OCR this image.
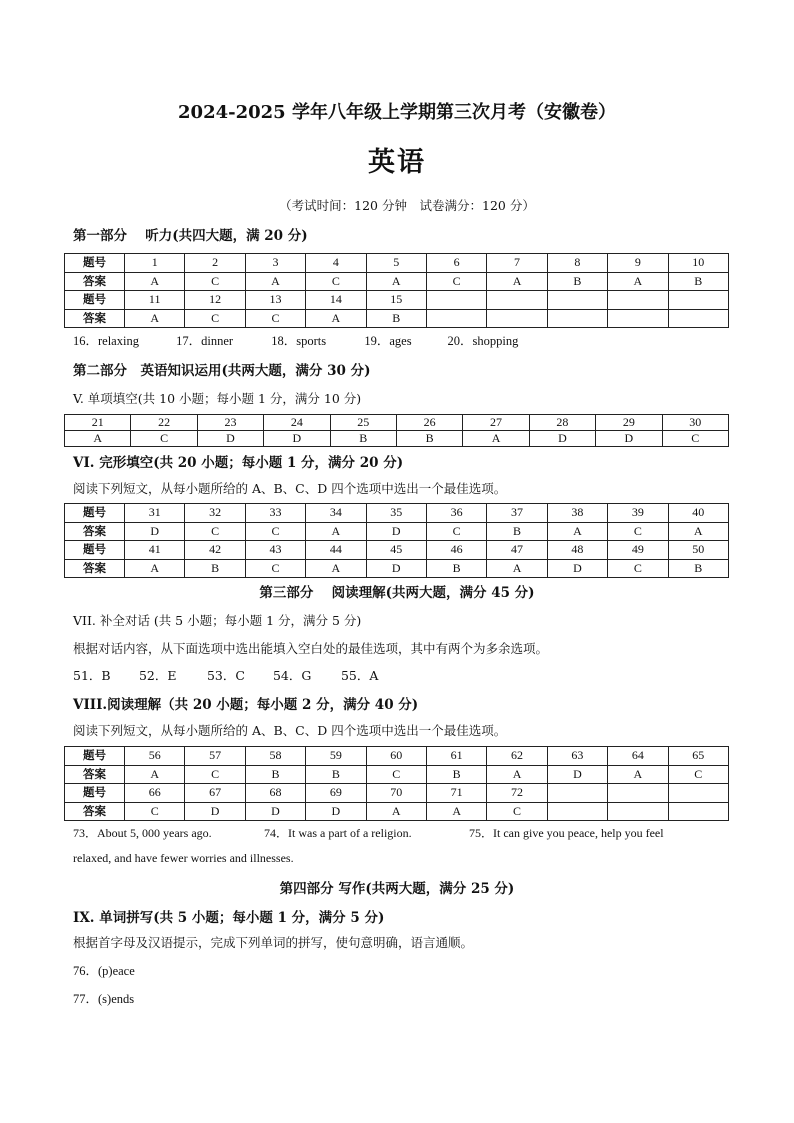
2024-2025 学年八年级上学期第三次月考（安徽卷）
英语
（考试时间：120 分钟　试卷满分：120 分）
第一部分　 听力(共四大题，满 20 分)
题号	1	2	3	4	5	6	7	8	9	10
答案	A	C	A	C	A	C	A	B	A	B
题号	11	12	13	14	15					
答案	A	C	C	A	B					
16．relaxing	17．dinner	18．sports	19．ages	20．shopping
第二部分　英语知识运用(共两大题，满分 30 分)
V. 单项填空(共 10 小题；每小题 1 分，满分 10 分)
21	22	23	24	25	26	27	28	29	30
A	C	D	D	B	B	A	D	D	C
VI. 完形填空(共 20 小题；每小题 1 分，满分 20 分)
阅读下列短文，从每小题所给的 A、B、C、D 四个选项中选出一个最佳选项。
题号	31	32	33	34	35	36	37	38	39	40
答案	D	C	C	A	D	C	B	A	C	A
题号	41	42	43	44	45	46	47	48	49	50
答案	A	B	C	A	D	B	A	D	C	B
第三部分　 阅读理解(共两大题，满分 45 分)
VII. 补全对话 (共 5 小题；每小题 1 分，满分 5 分)
根据对话内容，从下面选项中选出能填入空白处的最佳选项，其中有两个为多余选项。
51．B 52．E 53．C 54．G 55．A
VIII.阅读理解（共 20 小题；每小题 2 分，满分 40 分)
阅读下列短文，从每小题所给的 A、B、C、D 四个选项中选出一个最佳选项。
题号	56	57	58	59	60	61	62	63	64	65
答案	A	C	B	B	C	B	A	D	A	C
题号	66	67	68	69	70	71	72			
答案	C	D	D	D	A	A	C			
73．About 5, 000 years ago.	74．It was a part of a religion.	75．It can give you peace, help you feel
relaxed, and have fewer worries and illnesses.
第四部分 写作(共两大题，满分 25 分)
IX. 单词拼写(共 5 小题；每小题 1 分，满分 5 分)
根据首字母及汉语提示，完成下列单词的拼写，使句意明确，语言通顺。
76．(p)eace
77．(s)ends
